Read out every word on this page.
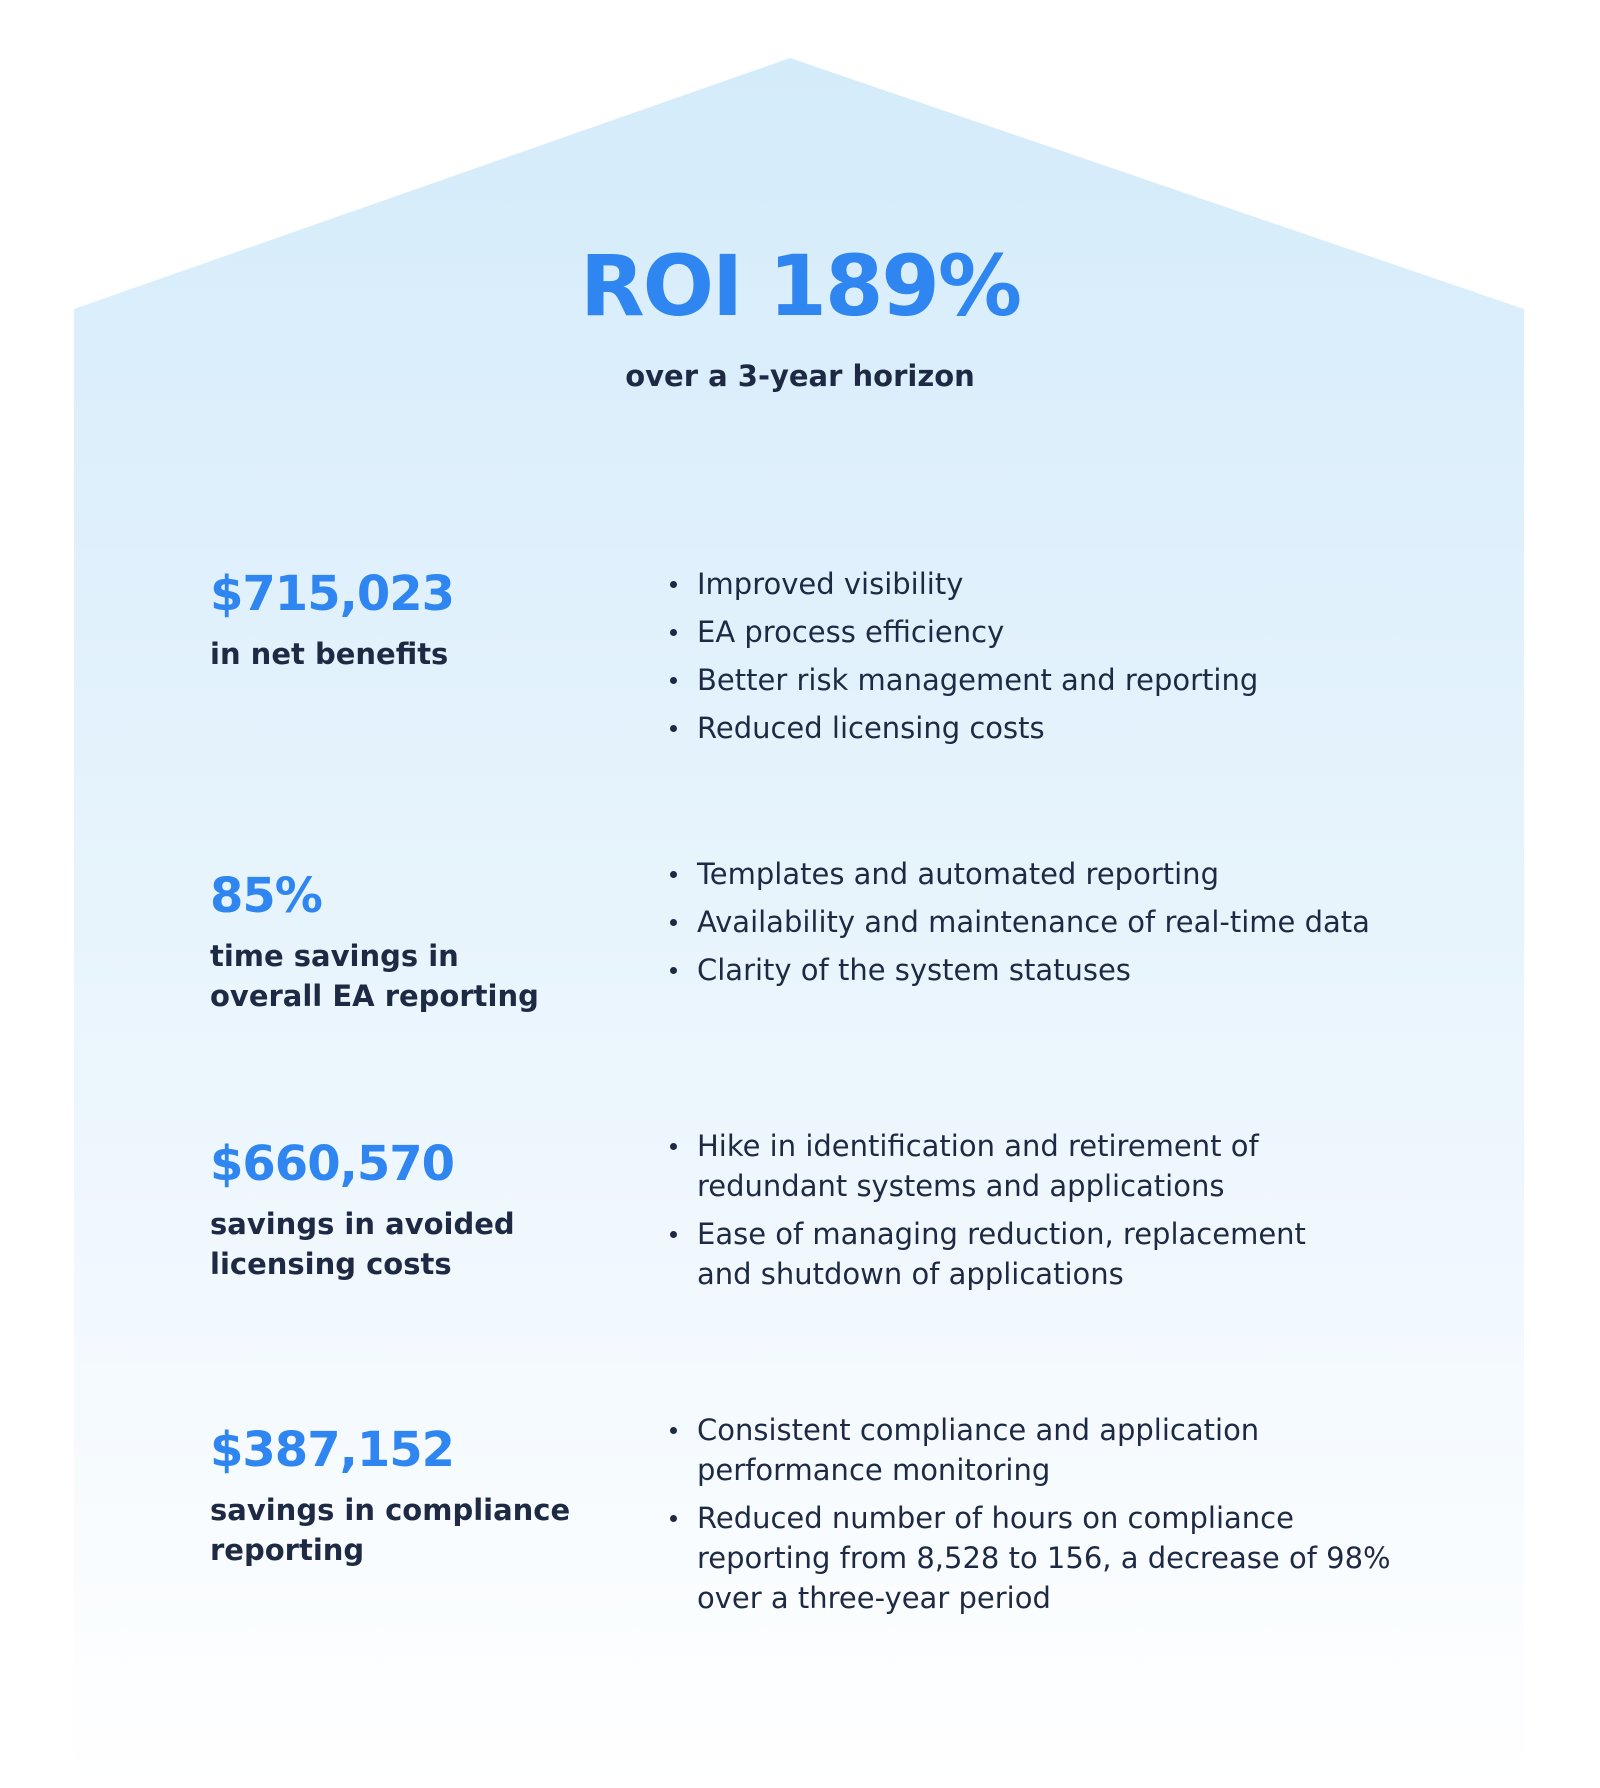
ROI 189%
over a 3-year horizon
$715,023
in net benefits
Improved visibility
EA process efficiency
Better risk management and reporting
Reduced licensing costs
85%
time savings in overall EA reporting
Templates and automated reporting
Availability and maintenance of real-time data
Clarity of the system statuses
$660,570
savings in avoided licensing costs
Hike in identification and retirement of redundant systems and applications
Ease of managing reduction, replacement and shutdown of applications
$387,152
savings in compliance reporting
Consistent compliance and application performance monitoring
Reduced number of hours on compliance reporting from 8,528 to 156, a decrease of 98% over a three-year period
